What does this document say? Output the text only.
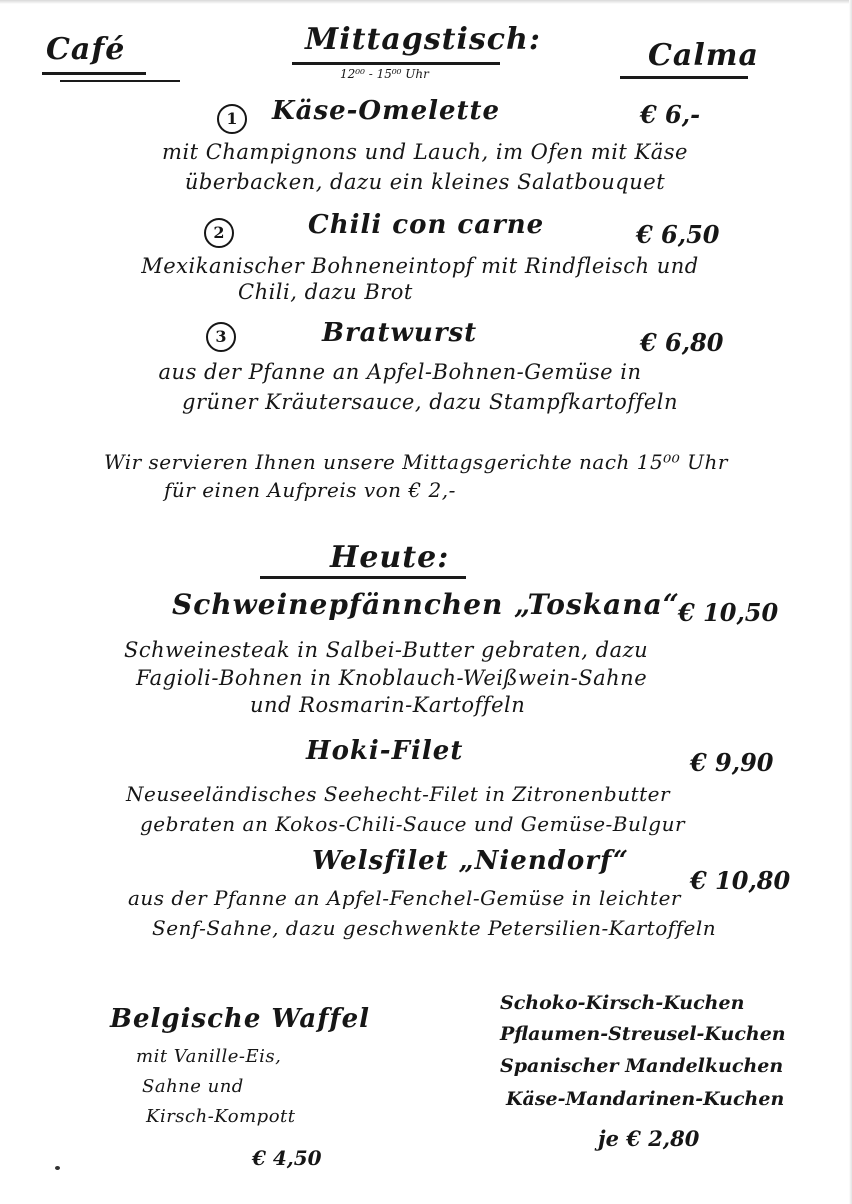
Café	Mittagstisch:
12⁰⁰ - 15⁰⁰ Uhr
Calma
1	Käse-Omelette	€ 6,-
mit Champignons und Lauch, im Ofen mit Käse
überbacken, dazu ein kleines Salatbouquet
2	Chili con carne	€ 6,50
Mexikanischer Bohneneintopf mit Rindfleisch und
Chili, dazu Brot
3	Bratwurst	€ 6,80
aus der Pfanne an Apfel-Bohnen-Gemüse in
grüner Kräutersauce, dazu Stampfkartoffeln
Wir servieren Ihnen unsere Mittagsgerichte nach 15⁰⁰ Uhr
für einen Aufpreis von € 2,-
Heute:
Schweinepfännchen „Toskana“
€ 10,50
Schweinesteak in Salbei-Butter gebraten, dazu
Fagioli-Bohnen in Knoblauch-Weißwein-Sahne
und Rosmarin-Kartoffeln
Hoki-Filet	€ 9,90
Neuseeländisches Seehecht-Filet in Zitronenbutter
gebraten an Kokos-Chili-Sauce und Gemüse-Bulgur
Welsfilet „Niendorf“
€ 10,80
aus der Pfanne an Apfel-Fenchel-Gemüse in leichter
Senf-Sahne, dazu geschwenkte Petersilien-Kartoffeln
Belgische Waffel
mit Vanille-Eis,
Sahne und
Kirsch-Kompott
€ 4,50
Schoko-Kirsch-Kuchen
Pflaumen-Streusel-Kuchen
Spanischer Mandelkuchen
Käse-Mandarinen-Kuchen
je € 2,80
